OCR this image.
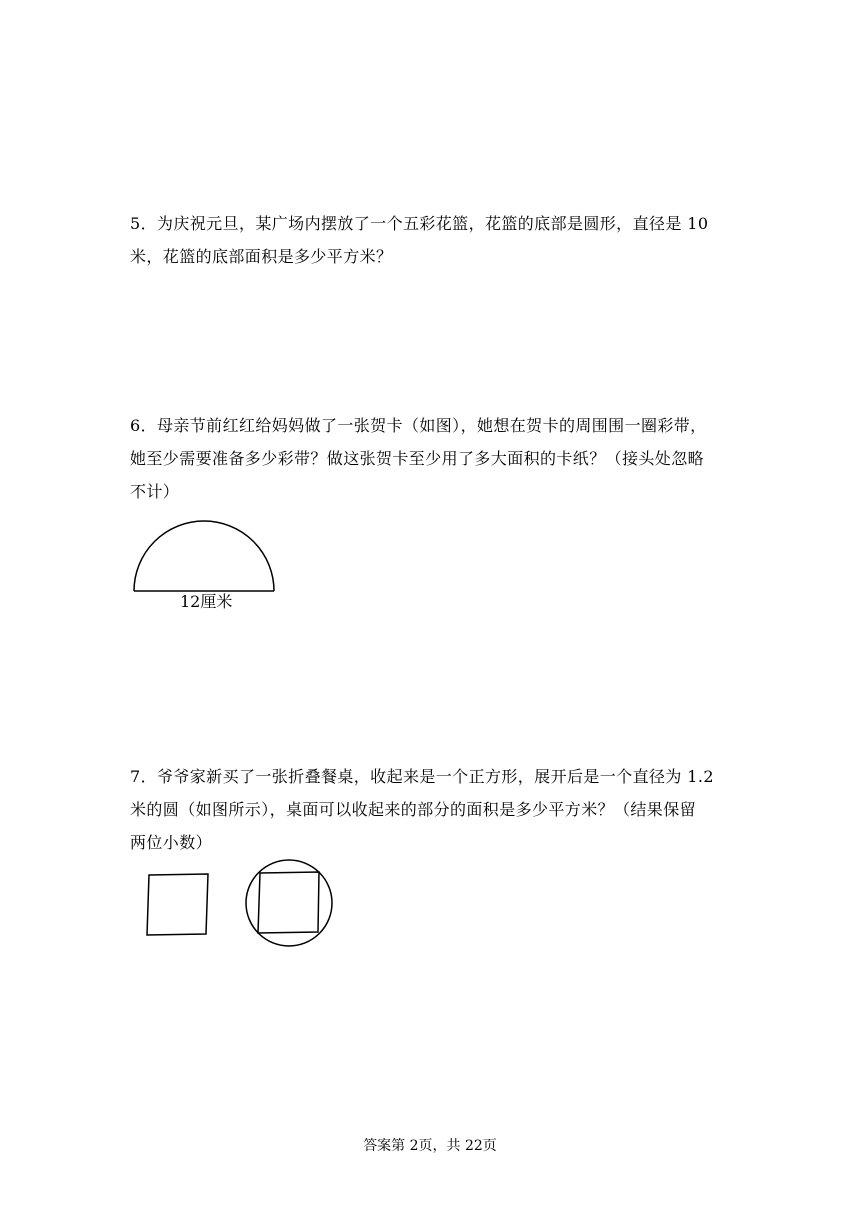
5．为庆祝元旦，某广场内摆放了一个五彩花篮，花篮的底部是圆形，直径是 10
米，花篮的底部面积是多少平方米？
6．母亲节前红红给妈妈做了一张贺卡（如图），她想在贺卡的周围围一圈彩带，
她至少需要准备多少彩带？做这张贺卡至少用了多大面积的卡纸？（接头处忽略
不计）
12厘米
7．爷爷家新买了一张折叠餐桌，收起来是一个正方形，展开后是一个直径为 1.2
米的圆（如图所示），桌面可以收起来的部分的面积是多少平方米？（结果保留
两位小数）
答案第 2页，共 22页
